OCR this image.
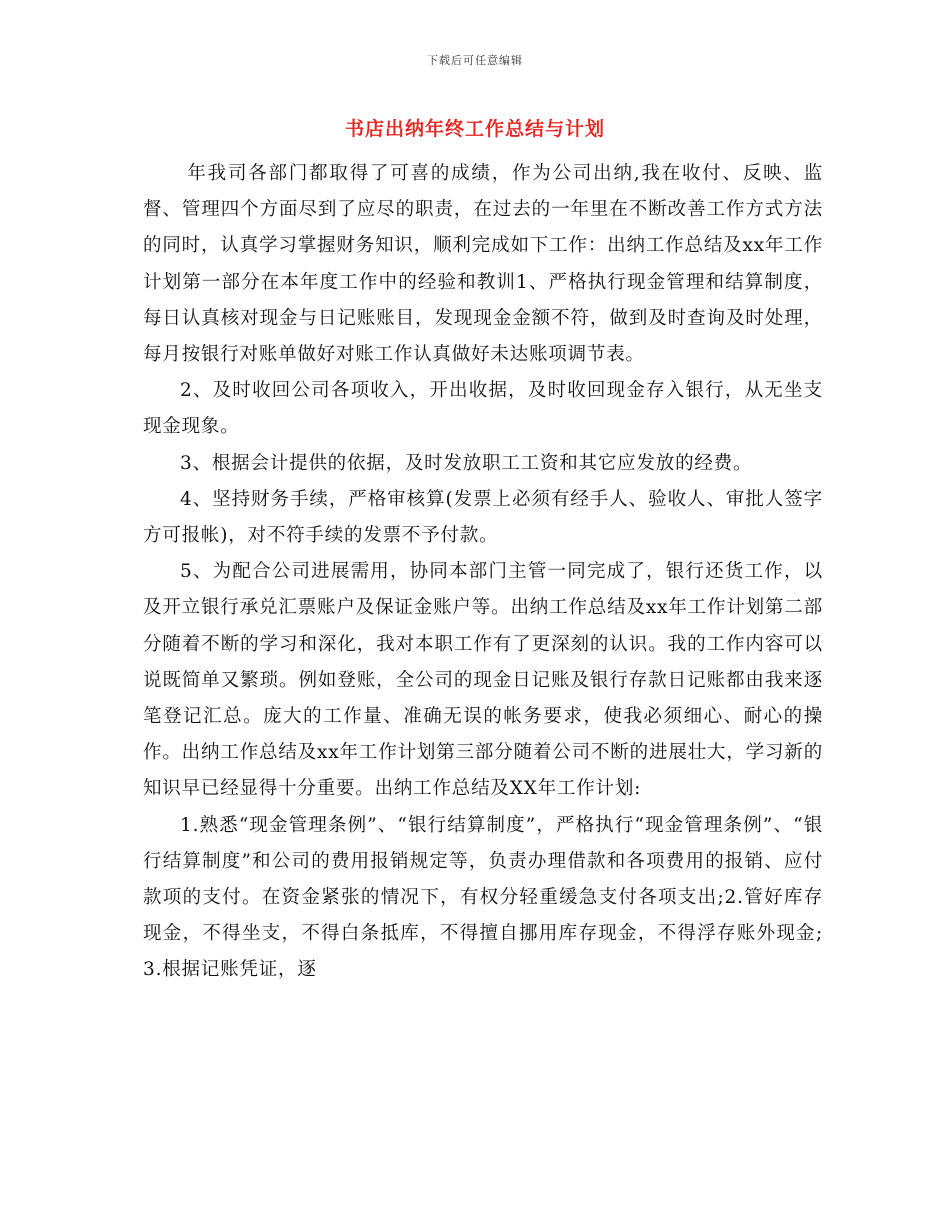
下载后可任意编辑
书店出纳年终工作总结与计划

年我司各部门都取得了可喜的成绩，作为公司出纳,我在收付、反映、监督、管理四个方面尽到了应尽的职责，在过去的一年里在不断改善工作方式方法的同时，认真学习掌握财务知识，顺利完成如下工作：出纳工作总结及xx年工作计划第一部分在本年度工作中的经验和教训1、严格执行现金管理和结算制度，每日认真核对现金与日记账账目，发现现金金额不符，做到及时查询及时处理，每月按银行对账单做好对账工作认真做好未达账项调节表。

2、及时收回公司各项收入，开出收据，及时收回现金存入银行，从无坐支现金现象。

3、根据会计提供的依据，及时发放职工工资和其它应发放的经费。

4、坚持财务手续，严格审核算(发票上必须有经手人、验收人、审批人签字方可报帐)，对不符手续的发票不予付款。

5、为配合公司进展需用，协同本部门主管一同完成了，银行还货工作，以及开立银行承兑汇票账户及保证金账户等。出纳工作总结及xx年工作计划第二部分随着不断的学习和深化，我对本职工作有了更深刻的认识。我的工作内容可以说既简单又繁琐。例如登账，全公司的现金日记账及银行存款日记账都由我来逐笔登记汇总。庞大的工作量、准确无误的帐务要求，使我必须细心、耐心的操作。出纳工作总结及xx年工作计划第三部分随着公司不断的进展壮大，学习新的知识早已经显得十分重要。出纳工作总结及XX年工作计划:

1.熟悉“现金管理条例”、“银行结算制度”，严格执行“现金管理条例”、“银行结算制度”和公司的费用报销规定等，负责办理借款和各项费用的报销、应付款项的支付。在资金紧张的情况下，有权分轻重缓急支付各项支出;2.管好库存现金，不得坐支，不得白条抵库，不得擅自挪用库存现金，不得浮存账外现金;3.根据记账凭证，逐
